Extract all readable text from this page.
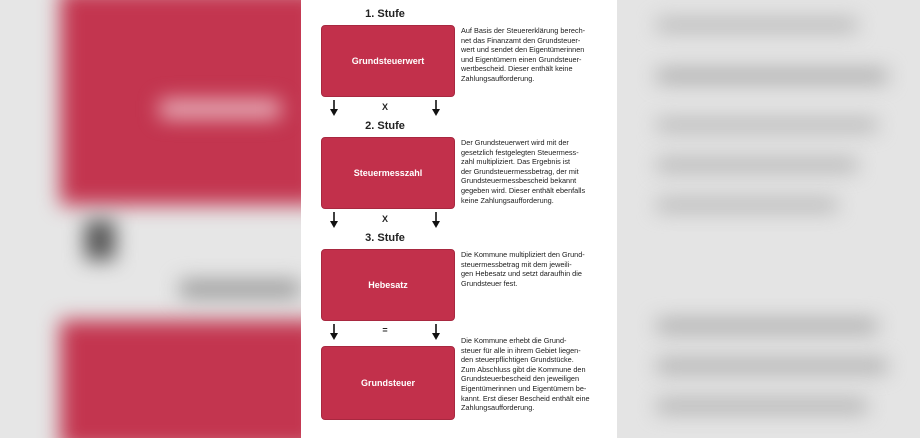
1. Stufe
Grundsteuerwert
Auf Basis der Steuererklärung berech-
net das Finanzamt den Grundsteuer-
wert und sendet den Eigentümerinnen
und Eigentümern einen Grundsteuer-
wertbescheid. Dieser enthält keine
Zahlungsaufforderung.
X
2. Stufe
Steuermesszahl
Der Grundsteuerwert wird mit der
gesetzlich festgelegten Steuermess-
zahl multipliziert. Das Ergebnis ist
der Grundsteuermessbetrag, der mit
Grundsteuermessbescheid bekannt
gegeben wird. Dieser enthält ebenfalls
keine Zahlungsaufforderung.
X
3. Stufe
Hebesatz
Die Kommune multipliziert den Grund-
steuermessbetrag mit dem jeweili-
gen Hebesatz und setzt daraufhin die
Grundsteuer fest.
=
Grundsteuer
Die Kommune erhebt die Grund-
steuer für alle in ihrem Gebiet liegen-
den steuerpflichtigen Grundstücke.
Zum Abschluss gibt die Kommune den
Grundsteuerbescheid den jeweiligen
Eigentümerinnen und Eigentümern be-
kannt. Erst dieser Bescheid enthält eine
Zahlungsaufforderung.
